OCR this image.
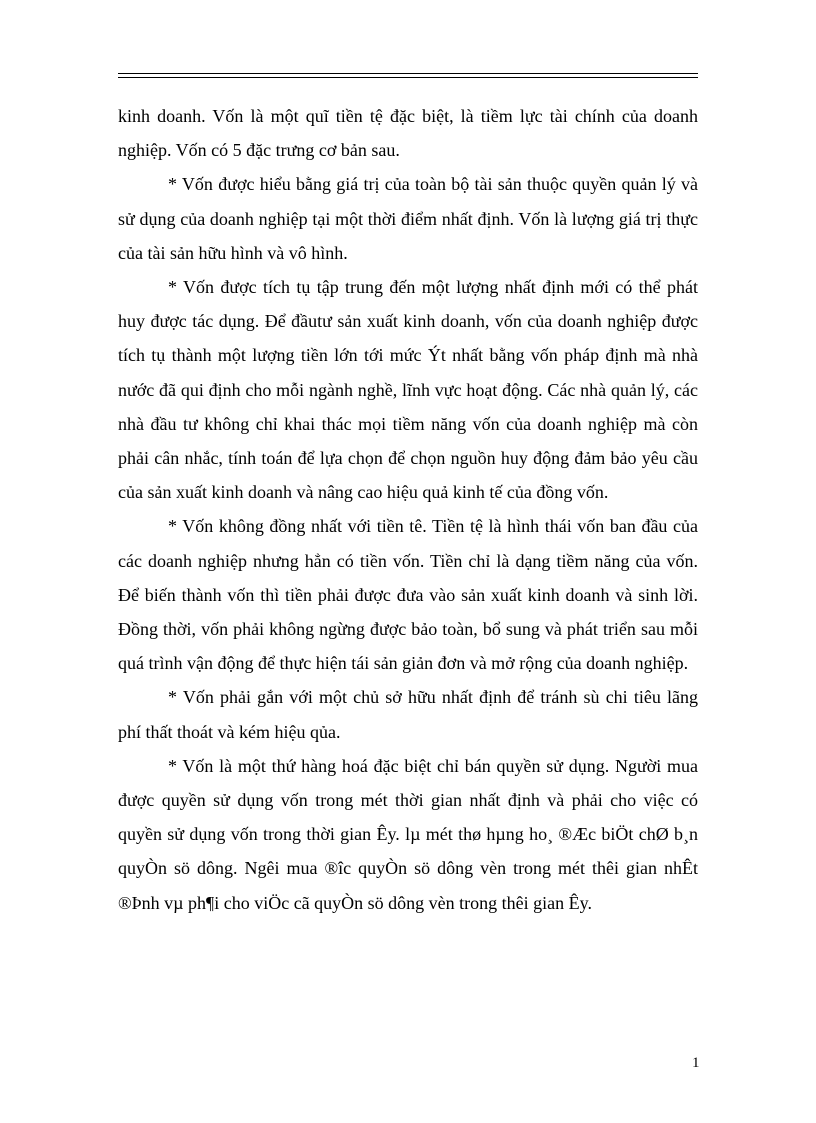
kinh doanh. Vốn là một quĩ tiền tệ đặc biệt, là tiềm lực tài chính của doanh nghiệp. Vốn có 5 đặc trưng cơ bản sau.

* Vốn được hiểu bằng giá trị của toàn bộ tài sản thuộc quyền quản lý và sử dụng của doanh nghiệp tại một thời điểm nhất định. Vốn là lượng giá trị thực của tài sản hữu hình và vô hình.

* Vốn được tích tụ tập trung đến một lượng nhất định mới có thể phát huy được tác dụng. Để đầutư sản xuất kinh doanh, vốn của doanh nghiệp được tích tụ thành một lượng tiền lớn tới mức Ýt nhất bằng vốn pháp định mà nhà nước đã qui định cho mỗi ngành nghề, lĩnh vực hoạt động. Các nhà quản lý, các nhà đầu tư không chỉ khai thác mọi tiềm năng vốn của doanh nghiệp mà còn phải cân nhắc, tính toán để lựa chọn để chọn nguồn huy động đảm bảo yêu cầu của sản xuất kinh doanh và nâng cao hiệu quả kinh tế của đồng vốn.

* Vốn không đồng nhất với tiền tê. Tiền tệ là hình thái vốn ban đầu của các doanh nghiệp nhưng hẳn có tiền vốn. Tiền chỉ là dạng tiềm năng của vốn. Để biến thành vốn thì tiền phải được đưa vào sản xuất kinh doanh và sinh lời. Đồng thời, vốn phải không ngừng được bảo toàn, bổ sung và phát triển sau mỗi quá trình vận động để thực hiện tái sản giản đơn và mở rộng của doanh nghiệp.

* Vốn phải gắn với một chủ sở hữu nhất định để tránh sù chi tiêu lãng phí thất thoát và kém hiệu qủa.

* Vốn là một thứ hàng hoá đặc biệt chỉ bán quyền sử dụng. Người mua được quyền sử dụng vốn trong mét thời gian nhất định và phải cho việc có quyền sử dụng vốn trong thời gian Êy. lµ mét thø hµng ho¸ ®Æc biÖt chØ b¸n quyÒn sö dông. Ngêi mua ®îc quyÒn sö dông vèn trong mét thêi gian nhÊt ®Þnh vµ ph¶i cho viÖc cã quyÒn sö dông vèn trong thêi gian Êy.

1
